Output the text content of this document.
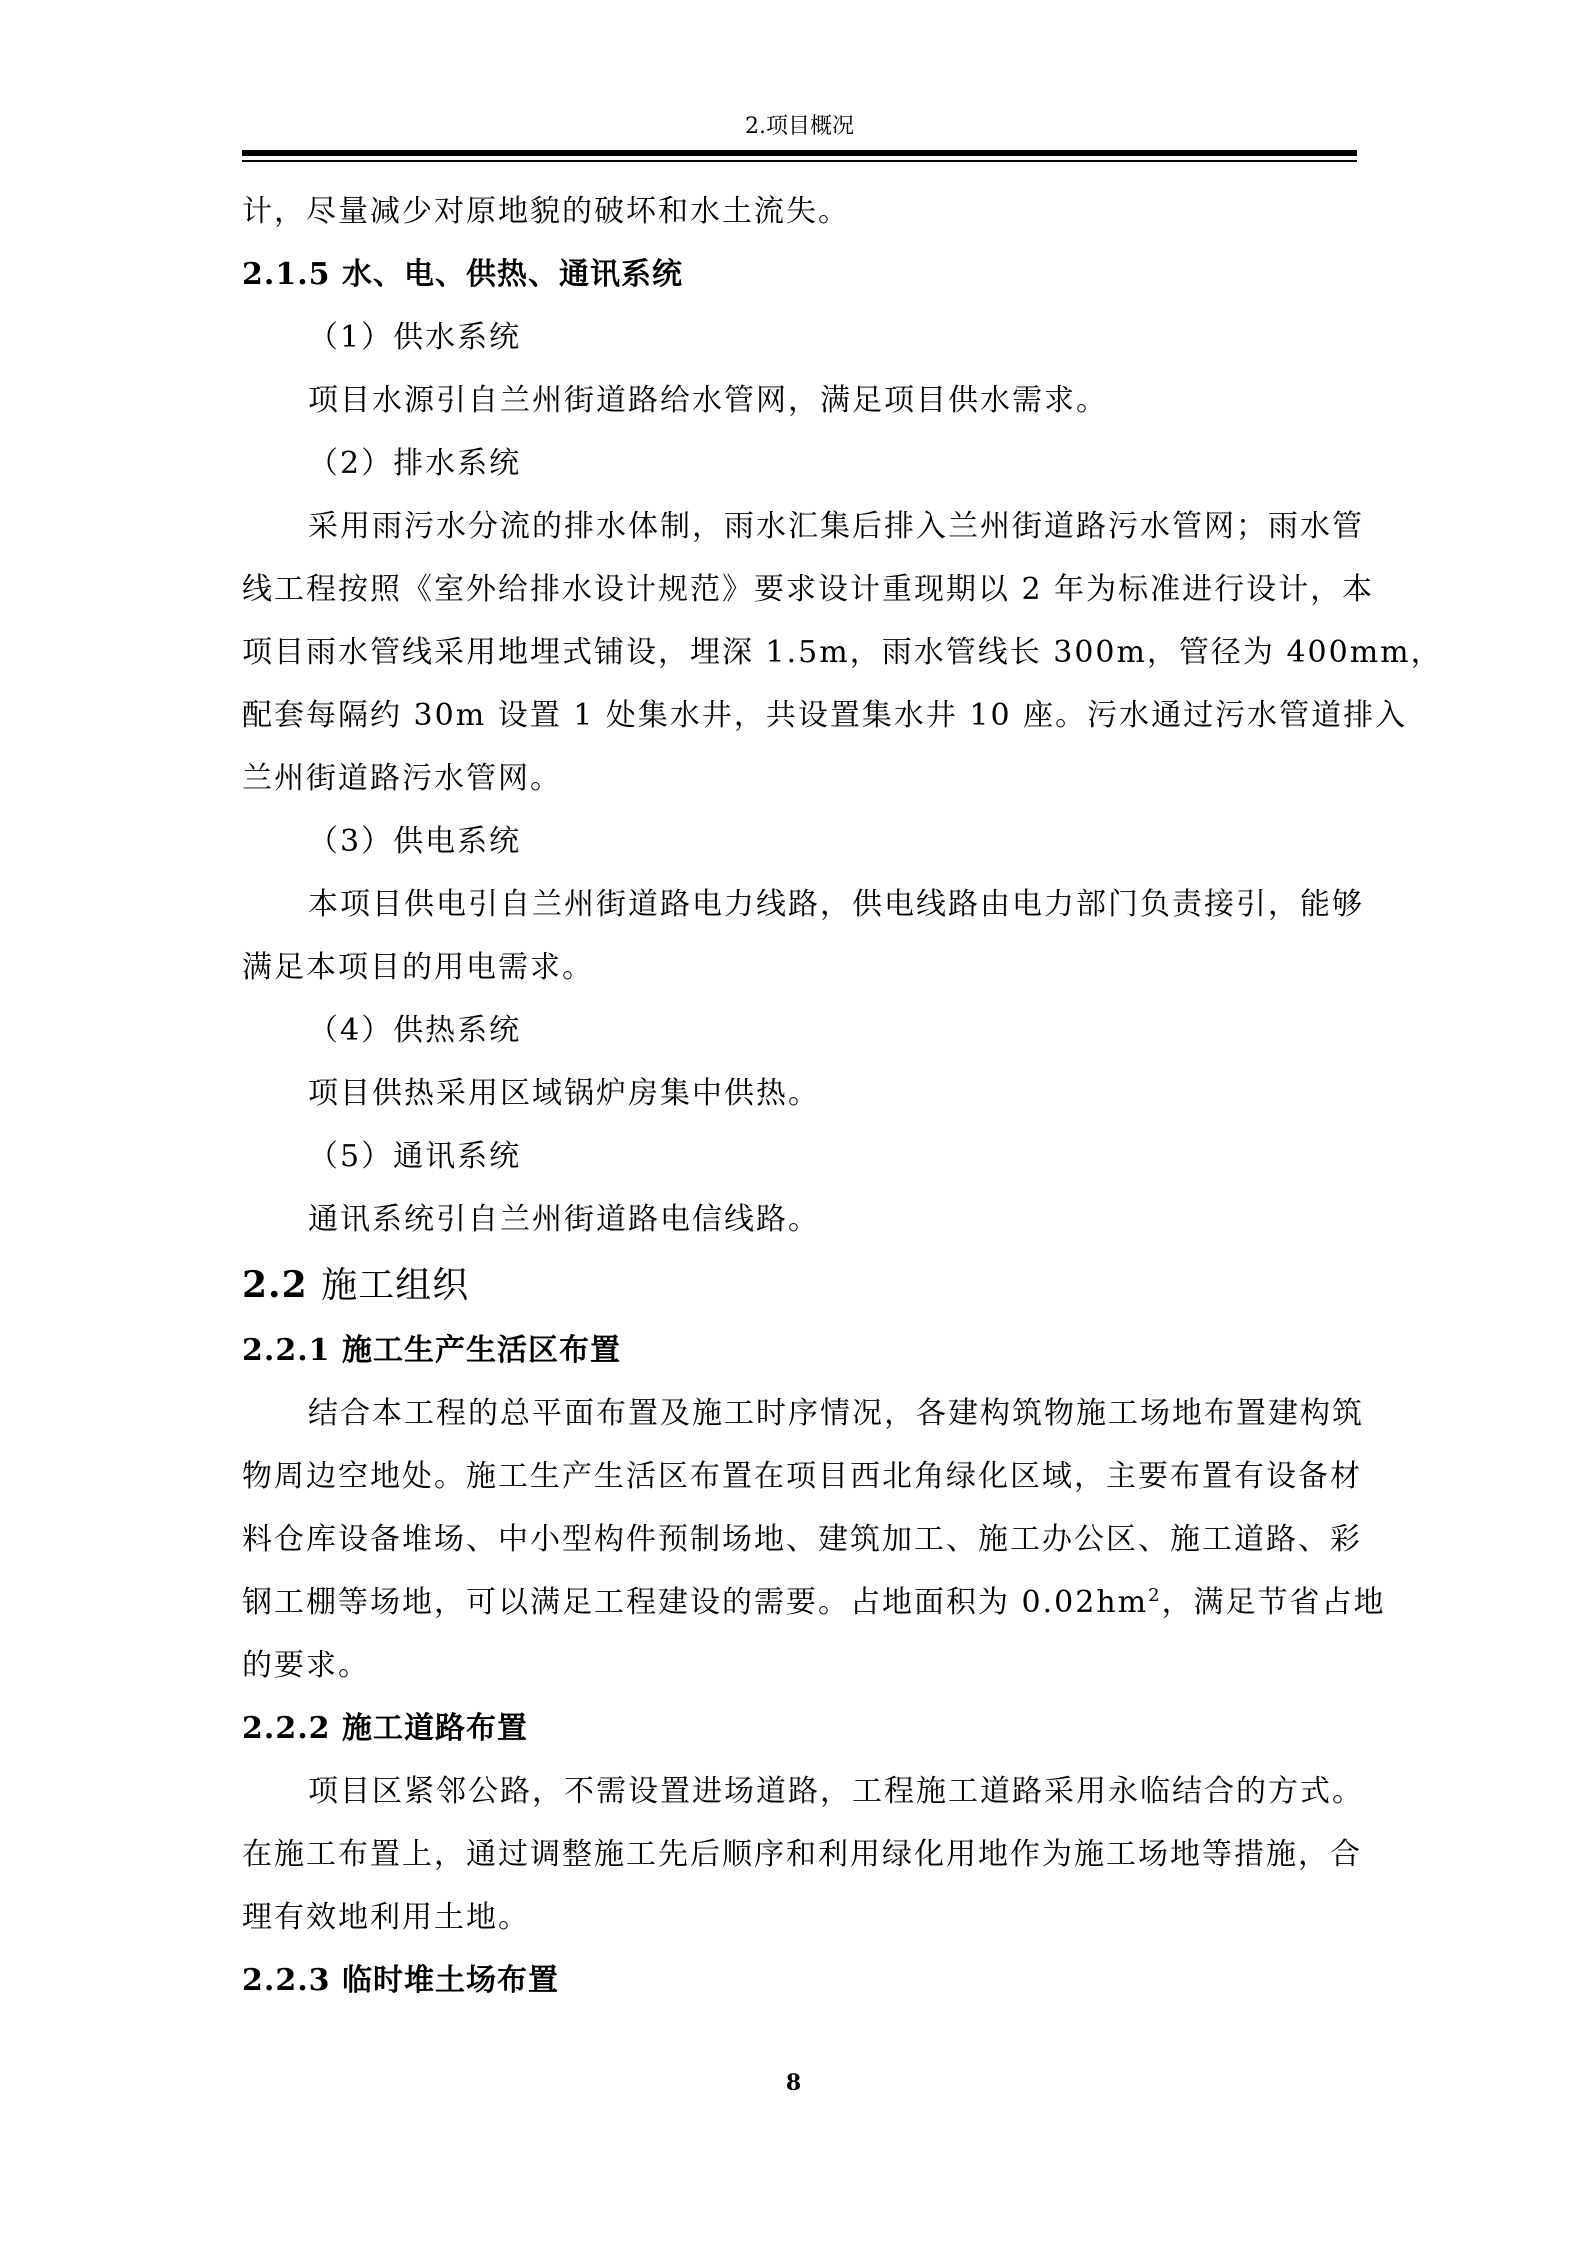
2.项目概况
计，尽量减少对原地貌的破坏和水土流失。
2.1.5 水、电、供热、通讯系统
（1）供水系统
项目水源引自兰州街道路给水管网，满足项目供水需求。
（2）排水系统
采用雨污水分流的排水体制，雨水汇集后排入兰州街道路污水管网；雨水管
线工程按照《室外给排水设计规范》要求设计重现期以 2 年为标准进行设计，本
项目雨水管线采用地埋式铺设，埋深 1.5m，雨水管线长 300m，管径为 400mm，
配套每隔约 30m 设置 1 处集水井，共设置集水井 10 座。污水通过污水管道排入
兰州街道路污水管网。
（3）供电系统
本项目供电引自兰州街道路电力线路，供电线路由电力部门负责接引，能够
满足本项目的用电需求。
（4）供热系统
项目供热采用区域锅炉房集中供热。
（5）通讯系统
通讯系统引自兰州街道路电信线路。
2.2 施工组织
2.2.1 施工生产生活区布置
结合本工程的总平面布置及施工时序情况，各建构筑物施工场地布置建构筑
物周边空地处。施工生产生活区布置在项目西北角绿化区域，主要布置有设备材
料仓库设备堆场、中小型构件预制场地、建筑加工、施工办公区、施工道路、彩
钢工棚等场地，可以满足工程建设的需要。占地面积为 $0.02hm^2$，满足节省占地
的要求。
2.2.2 施工道路布置
项目区紧邻公路，不需设置进场道路，工程施工道路采用永临结合的方式。
在施工布置上，通过调整施工先后顺序和利用绿化用地作为施工场地等措施，合
理有效地利用土地。
2.2.3 临时堆土场布置
8
